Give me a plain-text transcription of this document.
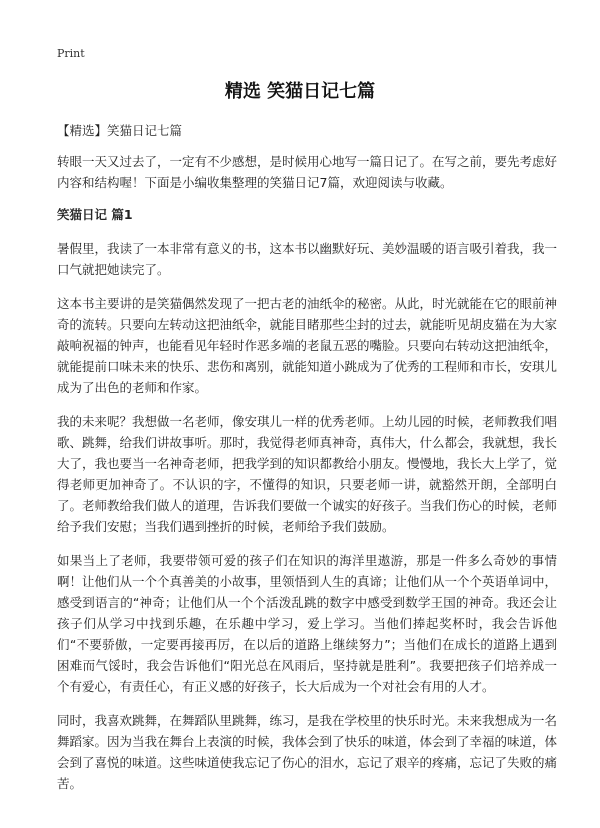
Print
精选 笑猫日记七篇

【精选】笑猫日记七篇

转眼一天又过去了，一定有不少感想，是时候用心地写一篇日记了。在写之前，要先考虑好内容和结构喔！下面是小编收集整理的笑猫日记7篇，欢迎阅读与收藏。

笑猫日记 篇1

暑假里，我读了一本非常有意义的书，这本书以幽默好玩、美妙温暖的语言吸引着我，我一口气就把她读完了。

这本书主要讲的是笑猫偶然发现了一把古老的油纸伞的秘密。从此，时光就能在它的眼前神奇的流转。只要向左转动这把油纸伞，就能目睹那些尘封的过去，就能听见胡皮猫在为大家敲响祝福的钟声，也能看见年轻时作恶多端的老鼠五恶的嘴脸。只要向右转动这把油纸伞，就能提前口味未来的快乐、悲伤和离别，就能知道小跳成为了优秀的工程师和市长，安琪儿成为了出色的老师和作家。

我的未来呢？我想做一名老师，像安琪儿一样的优秀老师。上幼儿园的时候，老师教我们唱歌、跳舞，给我们讲故事听。那时，我觉得老师真神奇，真伟大，什么都会，我就想，我长大了，我也要当一名神奇老师，把我学到的知识都教给小朋友。慢慢地，我长大上学了，觉得老师更加神奇了。不认识的字，不懂得的知识，只要老师一讲，就豁然开朗，全部明白了。老师教给我们做人的道理，告诉我们要做一个诚实的好孩子。当我们伤心的时候，老师给予我们安慰；当我们遇到挫折的时候，老师给予我们鼓励。

如果当上了老师，我要带领可爱的孩子们在知识的海洋里遨游，那是一件多么奇妙的事情啊！让他们从一个个真善美的小故事，里领悟到人生的真谛；让他们从一个个英语单词中，感受到语言的“神奇；让他们从一个个活泼乱跳的数字中感受到数学王国的神奇。我还会让孩子们从学习中找到乐趣，在乐趣中学习，爱上学习。当他们捧起奖杯时，我会告诉他们“不要骄傲，一定要再接再厉，在以后的道路上继续努力”；当他们在成长的道路上遇到困难而气馁时，我会告诉他们“阳光总在风雨后，坚持就是胜利”。我要把孩子们培养成一个有爱心，有责任心，有正义感的好孩子，长大后成为一个对社会有用的人才。

同时，我喜欢跳舞，在舞蹈队里跳舞，练习，是我在学校里的快乐时光。未来我想成为一名舞蹈家。因为当我在舞台上表演的时候，我体会到了快乐的味道，体会到了幸福的味道，体会到了喜悦的味道。这些味道使我忘记了伤心的泪水，忘记了艰辛的疼痛，忘记了失败的痛苦。
